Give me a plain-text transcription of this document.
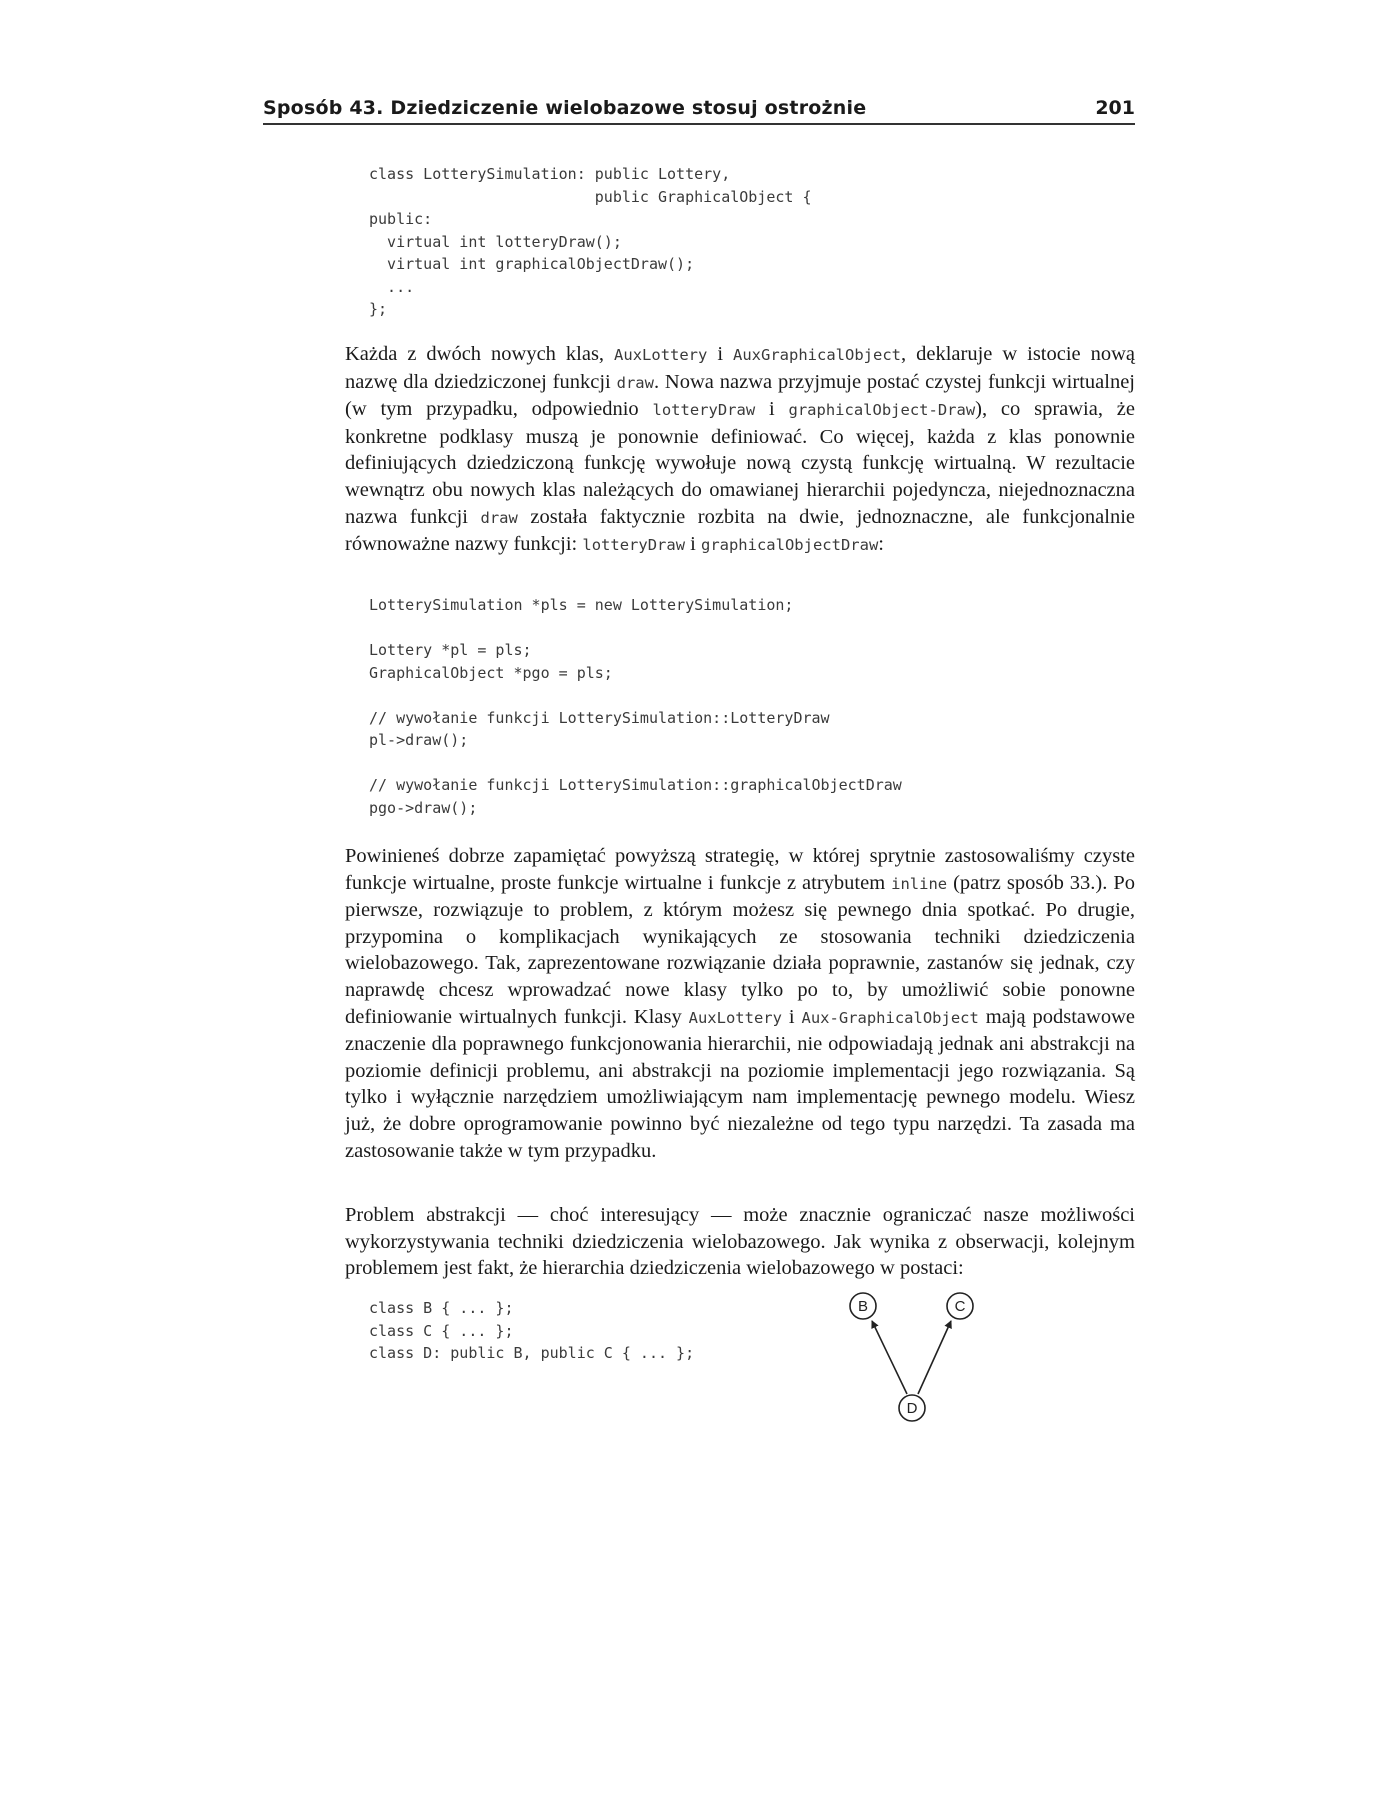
Sposób 43. Dziedziczenie wielobazowe stosuj ostrożnie	201
class LotterySimulation: public Lottery,
public GraphicalObject {
public:
virtual int lotteryDraw();
virtual int graphicalObjectDraw();
...
};

Każda z dwóch nowych klas, AuxLottery i AuxGraphicalObject, deklaruje w istocie nową nazwę dla dziedziczonej funkcji draw. Nowa nazwa przyjmuje postać czystej funkcji wirtualnej (w tym przypadku, odpowiednio lotteryDraw i graphicalObject-Draw), co sprawia, że konkretne podklasy muszą je ponownie definiować. Co więcej, każda z klas ponownie definiujących dziedziczoną funkcję wywołuje nową czystą funkcję wirtualną. W rezultacie wewnątrz obu nowych klas należących do omawianej hierarchii pojedyncza, niejednoznaczna nazwa funkcji draw została faktycznie rozbita na dwie, jednoznaczne, ale funkcjonalnie równoważne nazwy funkcji: lotteryDraw i graphicalObjectDraw:

LotterySimulation *pls = new LotterySimulation;
Lottery *pl = pls;
GraphicalObject *pgo = pls;
// wywołanie funkcji LotterySimulation::LotteryDraw
pl->draw();
// wywołanie funkcji LotterySimulation::graphicalObjectDraw
pgo->draw();

Powinieneś dobrze zapamiętać powyższą strategię, w której sprytnie zastosowaliśmy czyste funkcje wirtualne, proste funkcje wirtualne i funkcje z atrybutem inline (patrz sposób 33.). Po pierwsze, rozwiązuje to problem, z którym możesz się pewnego dnia spotkać. Po drugie, przypomina o komplikacjach wynikających ze stosowania techniki dziedziczenia wielobazowego. Tak, zaprezentowane rozwiązanie działa poprawnie, zastanów się jednak, czy naprawdę chcesz wprowadzać nowe klasy tylko po to, by umożliwić sobie ponowne definiowanie wirtualnych funkcji. Klasy AuxLottery i Aux-GraphicalObject mają podstawowe znaczenie dla poprawnego funkcjonowania hierarchii, nie odpowiadają jednak ani abstrakcji na poziomie definicji problemu, ani abstrakcji na poziomie implementacji jego rozwiązania. Są tylko i wyłącznie narzędziem umożliwiającym nam implementację pewnego modelu. Wiesz już, że dobre oprogramowanie powinno być niezależne od tego typu narzędzi. Ta zasada ma zastosowanie także w tym przypadku.

Problem abstrakcji — choć interesujący — może znacznie ograniczać nasze możliwości wykorzystywania techniki dziedziczenia wielobazowego. Jak wynika z obserwacji, kolejnym problemem jest fakt, że hierarchia dziedziczenia wielobazowego w postaci:

class B { ... };
class C { ... };
class D: public B, public C { ... };
B	C
D
